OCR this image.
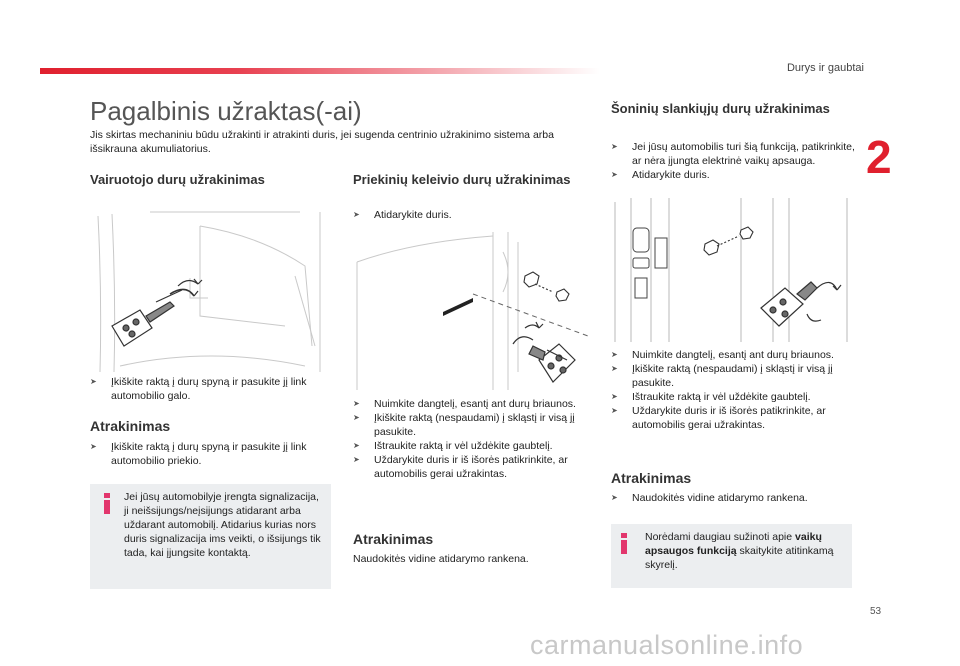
Durys ir gaubtai
2
Pagalbinis užraktas(-ai)
Jis skirtas mechaniniu būdu užrakinti ir atrakinti duris, jei sugenda centrinio užrakinimo sistema arba išsikrauna akumuliatorius.
Vairuotojo durų užrakinimas
➤
Įkiškite raktą į durų spyną ir pasukite jį link automobilio galo.
Atrakinimas
➤
Įkiškite raktą į durų spyną ir pasukite jį link automobilio priekio.
Jei jūsų automobilyje įrengta signalizacija, ji neišsijungs/neįsijungs atidarant arba uždarant automobilį. Atidarius kurias nors duris signalizacija ims veikti, o išsijungs tik tada, kai įjungsite kontaktą.
Priekinių keleivio durų užrakinimas
➤
Atidarykite duris.
➤
Nuimkite dangtelį, esantį ant durų briaunos.
➤
Įkiškite raktą (nespaudami) į skląstį ir visą jį pasukite.
➤
Ištraukite raktą ir vėl uždėkite gaubtelį.
➤
Uždarykite duris ir iš išorės patikrinkite, ar automobilis gerai užrakintas.
Atrakinimas
Naudokitės vidine atidarymo rankena.
Šoninių slankiųjų durų užrakinimas
➤
Jei jūsų automobilis turi šią funkciją, patikrinkite, ar nėra įjungta elektrinė vaikų apsauga.
➤
Atidarykite duris.
➤
Nuimkite dangtelį, esantį ant durų briaunos.
➤
Įkiškite raktą (nespaudami) į skląstį ir visą jį pasukite.
➤
Ištraukite raktą ir vėl uždėkite gaubtelį.
➤
Uždarykite duris ir iš išorės patikrinkite, ar automobilis gerai užrakintas.
Atrakinimas
➤
Naudokitės vidine atidarymo rankena.
Norėdami daugiau sužinoti apie vaikų apsaugos funkciją skaitykite atitinkamą skyrelį.
53
carmanualsonline.info
